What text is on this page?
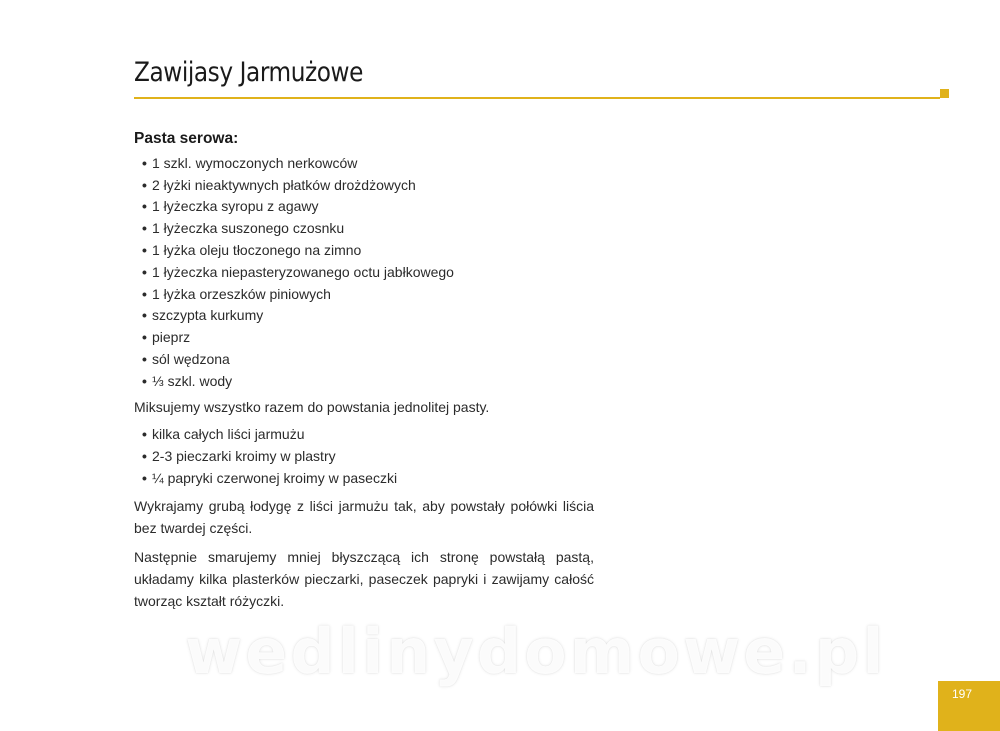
Zawijasy Jarmużowe
Pasta serowa:
• 1 szkl. wymoczonych nerkowców
• 2 łyżki nieaktywnych płatków drożdżowych
• 1 łyżeczka syropu z agawy
• 1 łyżeczka suszonego czosnku
• 1 łyżka oleju tłoczonego na zimno
• 1 łyżeczka niepasteryzowanego octu jabłkowego
• 1 łyżka orzeszków piniowych
• szczypta kurkumy
• pieprz
• sól wędzona
• ⅓ szkl. wody

Miksujemy wszystko razem do powstania jednolitej pasty.

• kilka całych liści jarmużu
• 2-3 pieczarki kroimy w plastry
• ¼ papryki czerwonej kroimy w paseczki

Wykrajamy grubą łodygę z liści jarmużu tak, aby powstały połówki liścia bez twardej części.

Następnie smarujemy mniej błyszczącą ich stronę powstałą pastą, układamy kilka plasterków pieczarki, paseczek papryki i zawijamy całość tworząc kształt różyczki.

wedlinydomowe.pl
197
